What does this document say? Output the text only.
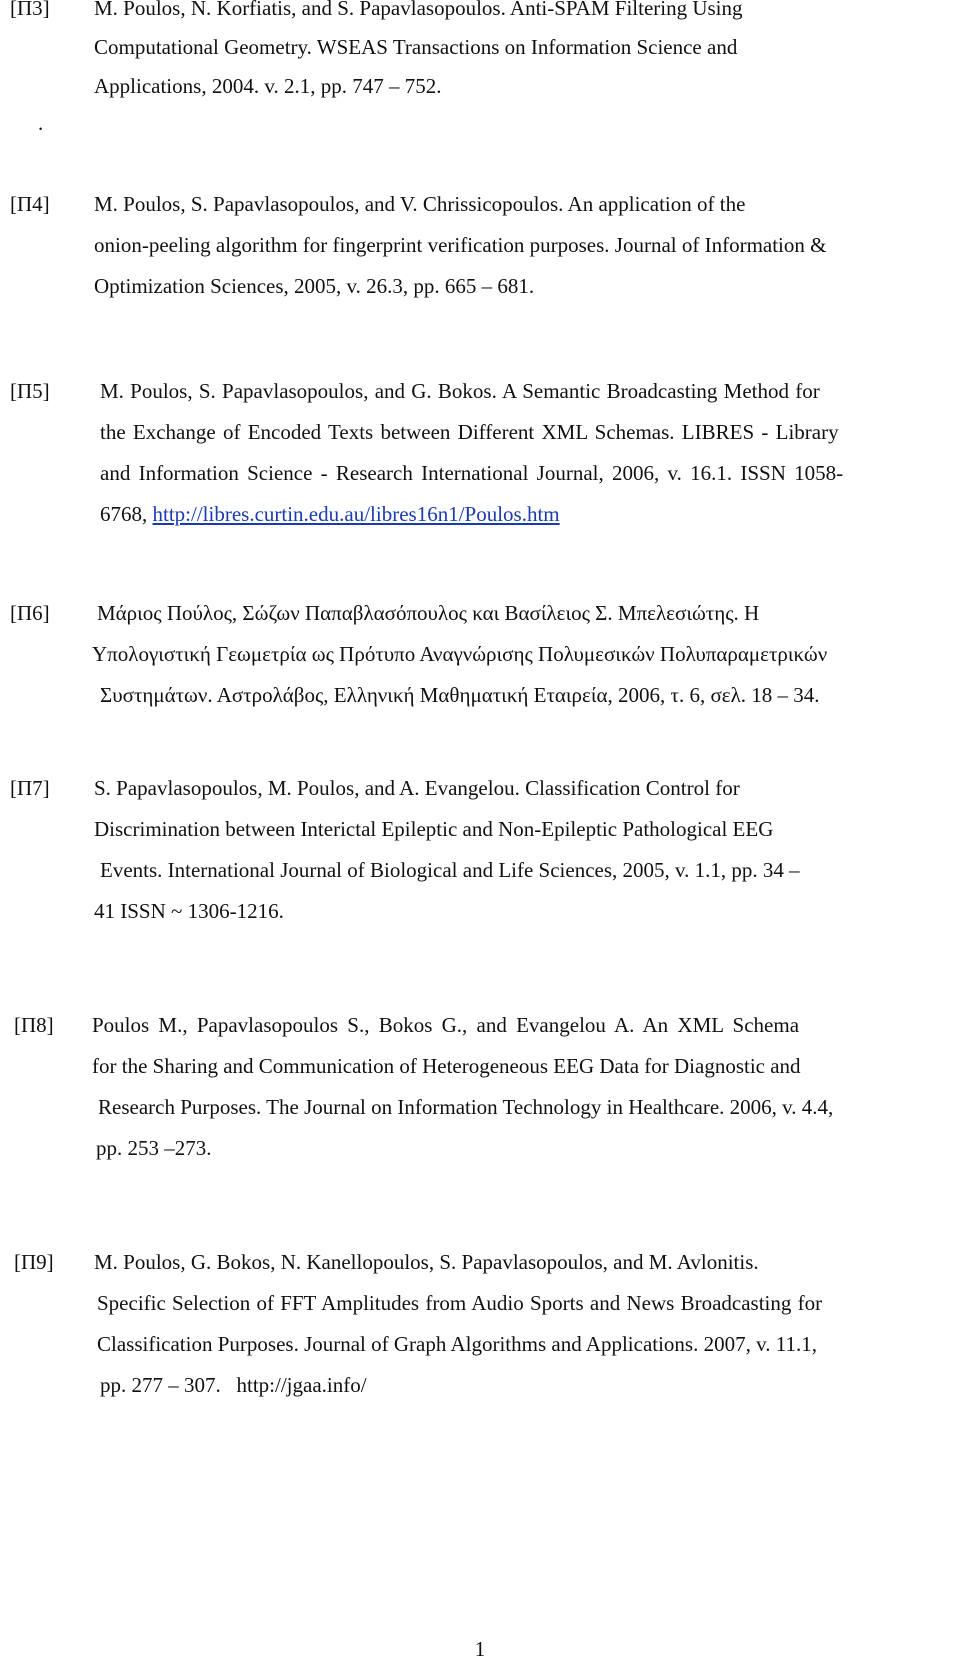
[Π3] M. Poulos, N. Korfiatis, and S. Papavlasopoulos. Anti-SPAM Filtering Using
Computational Geometry. WSEAS Transactions on Information Science and
Applications, 2004. v. 2.1, pp. 747 – 752.
.
[Π4] M. Poulos, S. Papavlasopoulos, and V. Chrissicopoulos. An application of the
onion-peeling algorithm for fingerprint verification purposes. Journal of Information &
Optimization Sciences, 2005, v. 26.3, pp. 665 – 681.
[Π5] M. Poulos, S. Papavlasopoulos, and G. Bokos. A Semantic Broadcasting Method for
the Exchange of Encoded Texts between Different XML Schemas. LIBRES - Library
and Information Science - Research International Journal, 2006, v. 16.1. ISSN 1058-
6768, http://libres.curtin.edu.au/libres16n1/Poulos.htm
[Π6] Μάριος Πούλος, Σώζων Παπαβλασόπουλος και Βασίλειος Σ. Μπελεσιώτης. Η
Υπολογιστική Γεωμετρία ως Πρότυπο Αναγνώρισης Πολυμεσικών Πολυπαραμετρικών
Συστημάτων. Αστρολάβος, Ελληνική Μαθηματική Εταιρεία, 2006, τ. 6, σελ. 18 – 34.
[Π7] S. Papavlasopoulos, M. Poulos, and A. Evangelou. Classification Control for
Discrimination between Interictal Epileptic and Non-Epileptic Pathological EEG
Events. International Journal of Biological and Life Sciences, 2005, v. 1.1, pp. 34 –
41 ISSN ~ 1306-1216.
[Π8] Poulos M., Papavlasopoulos S., Bokos G., and Evangelou A. An XML Schema
for the Sharing and Communication of Heterogeneous EEG Data for Diagnostic and
Research Purposes. The Journal on Information Technology in Healthcare. 2006, v. 4.4,
pp. 253 –273.
[Π9] M. Poulos, G. Bokos, N. Kanellopoulos, S. Papavlasopoulos, and M. Avlonitis.
Specific Selection of FFT Amplitudes from Audio Sports and News Broadcasting for
Classification Purposes. Journal of Graph Algorithms and Applications. 2007, v. 11.1,
pp. 277 – 307.   http://jgaa.info/
1
